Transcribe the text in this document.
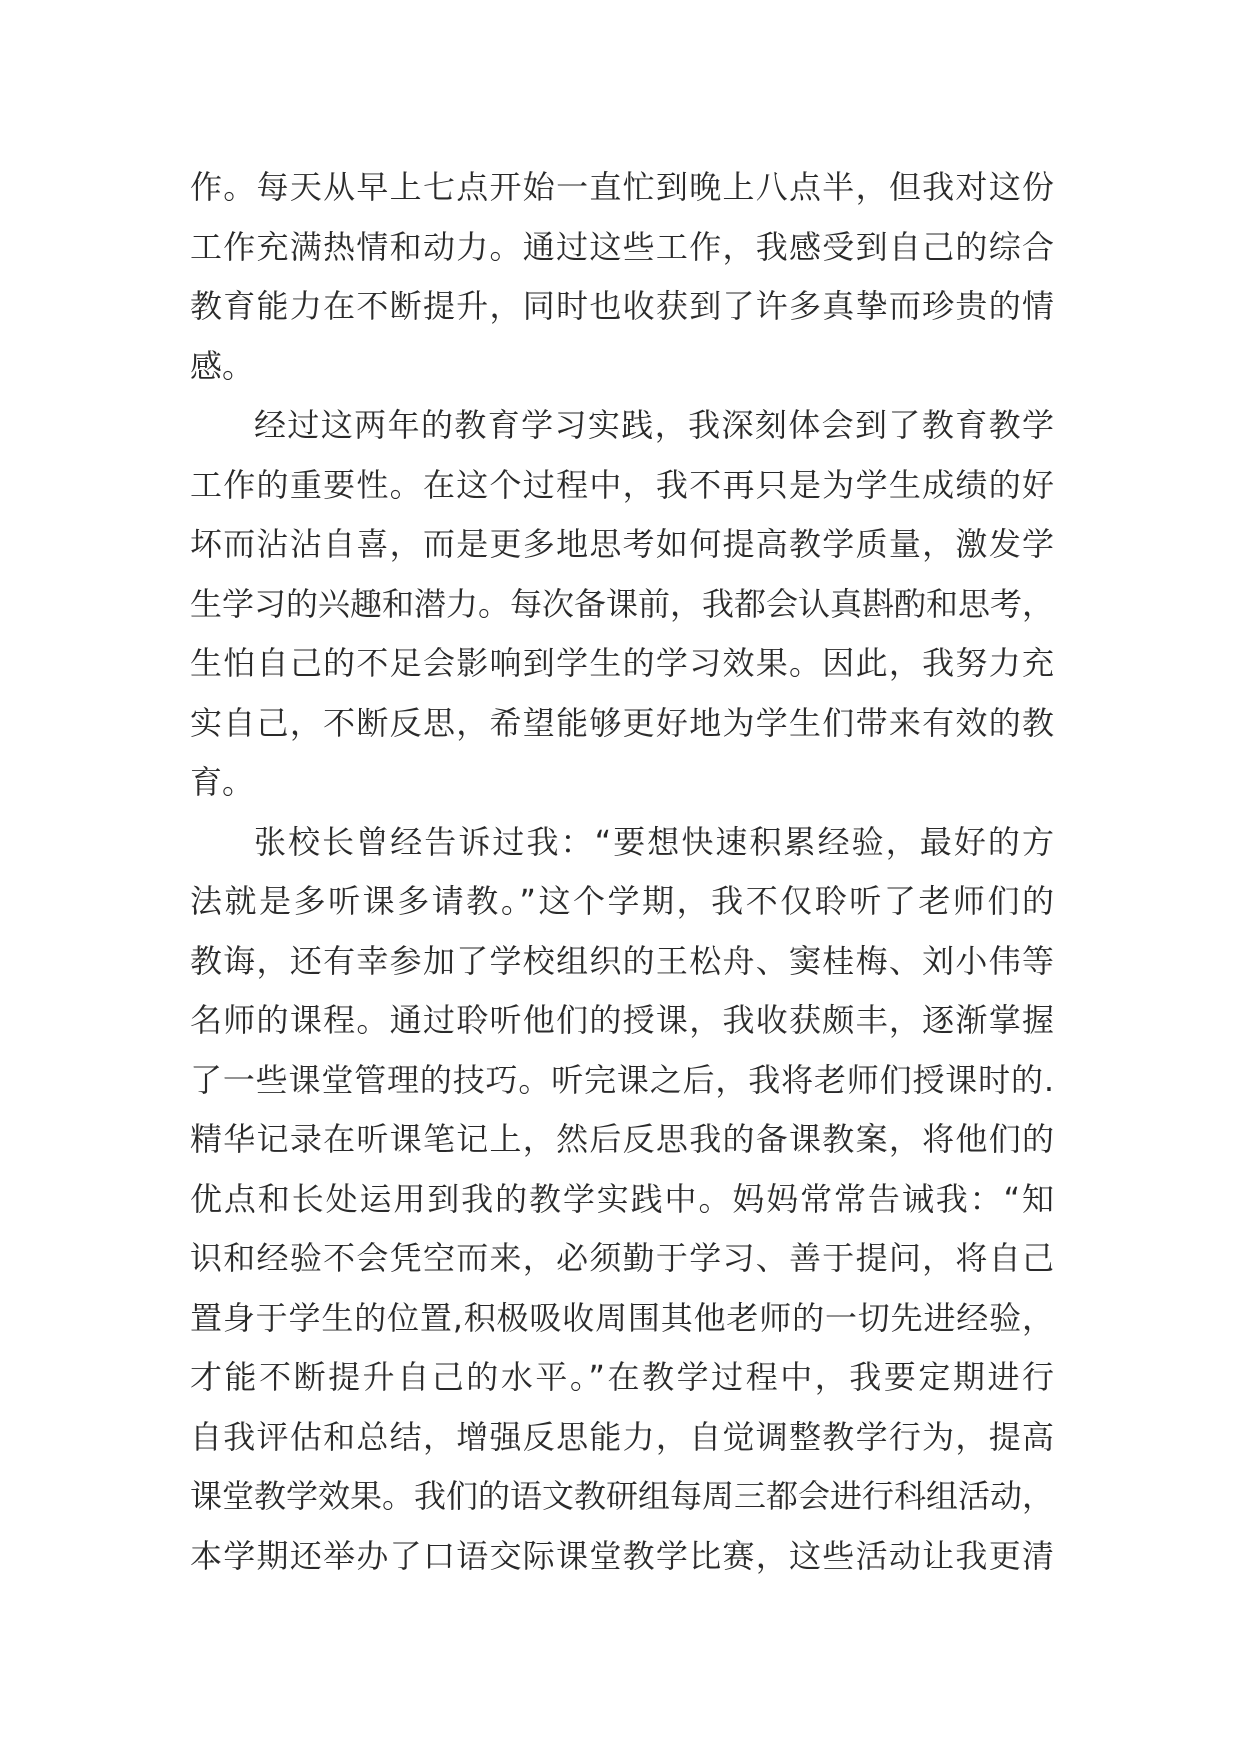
作。每天从早上七点开始一直忙到晚上八点半，但我对这份
工作充满热情和动力。通过这些工作，我感受到自己的综合
教育能力在不断提升，同时也收获到了许多真挚而珍贵的情
感。
经过这两年的教育学习实践，我深刻体会到了教育教学
工作的重要性。在这个过程中，我不再只是为学生成绩的好
坏而沾沾自喜，而是更多地思考如何提高教学质量，激发学
生学习的兴趣和潜力。每次备课前，我都会认真斟酌和思考，
生怕自己的不足会影响到学生的学习效果。因此，我努力充
实自己，不断反思，希望能够更好地为学生们带来有效的教
育。
张校长曾经告诉过我：“要想快速积累经验，最好的方
法就是多听课多请教。”这个学期，我不仅聆听了老师们的
教诲，还有幸参加了学校组织的王松舟、窦桂梅、刘小伟等
名师的课程。通过聆听他们的授课，我收获颇丰，逐渐掌握
了一些课堂管理的技巧。听完课之后，我将老师们授课时的.
精华记录在听课笔记上，然后反思我的备课教案，将他们的
优点和长处运用到我的教学实践中。妈妈常常告诫我：“知
识和经验不会凭空而来，必须勤于学习、善于提问，将自己
置身于学生的位置,积极吸收周围其他老师的一切先进经验，
才能不断提升自己的水平。”在教学过程中，我要定期进行
自我评估和总结，增强反思能力，自觉调整教学行为，提高
课堂教学效果。我们的语文教研组每周三都会进行科组活动，
本学期还举办了口语交际课堂教学比赛，这些活动让我更清
